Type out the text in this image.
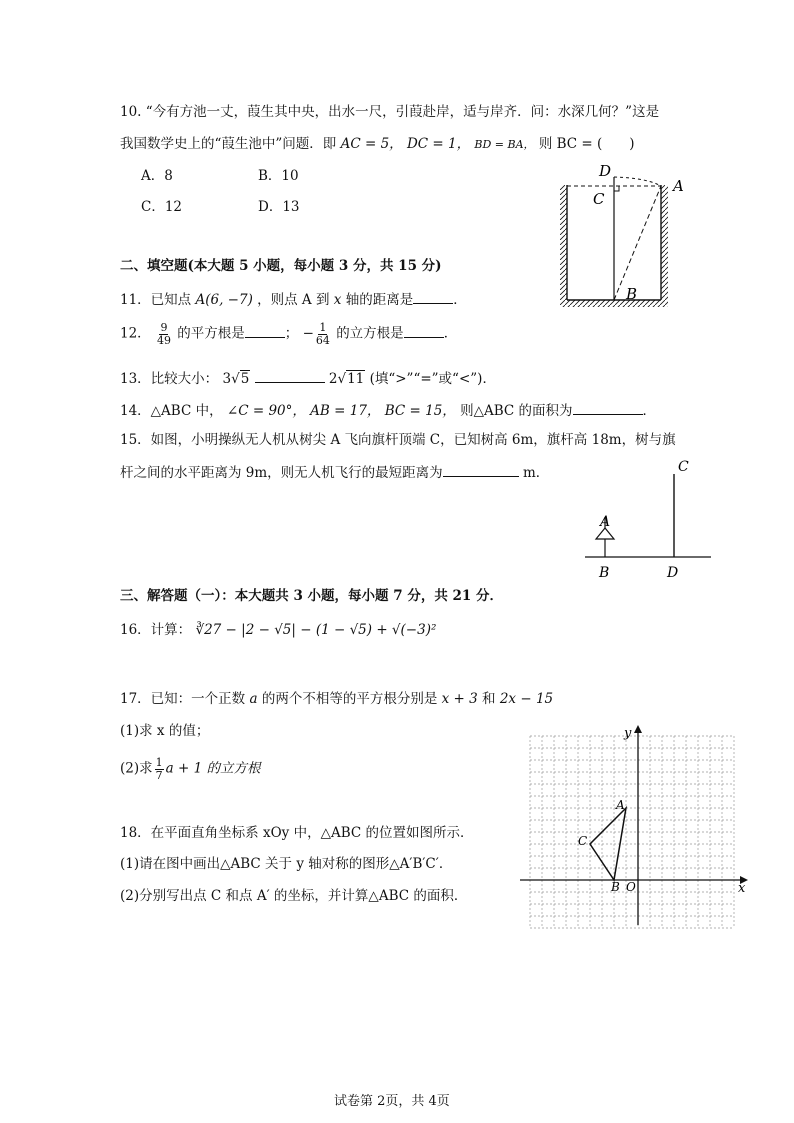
10. “今有方池一丈，葭生其中央，出水一尺，引葭赴岸，适与岸齐．问：水深几何？”这是
我国数学史上的“葭生池中”问题．即 AC = 5， DC = 1， BD = BA， 则 BC = (　　)
A．8	B．10
C．12	D．13
D
C
A
B
二、填空题(本大题 5 小题，每小题 3 分，共 15 分)
11．已知点 A(6, −7) ，则点 A 到 x 轴的距离是	．
12． $\frac{9}{49}$ 的平方根是	； − $\frac{1}{64}$ 的立方根是	．
13．比较大小： 3√5	2√11 (填“>”“=”或“<”)．
14．△ABC 中， ∠C = 90°， AB = 17， BC = 15， 则△ABC 的面积为	．
15．如图，小明操纵无人机从树尖 A 飞向旗杆顶端 C，已知树高 6m，旗杆高 18m，树与旗
杆之间的水平距离为 9m，则无人机飞行的最短距离为	m．
A
C
B	D
三、解答题（一）：本大题共 3 小题，每小题 7 分，共 21 分．
16．计算： ∛27 − |2 − √5| − (1 − √5) + √(−3)²
17．已知：一个正数 a 的两个不相等的平方根分别是 x + 3 和 2x − 15
(1)求 x 的值；
(2)求 $\frac{1}{7}$ a + 1 的立方根
18．在平面直角坐标系 xOy 中，△ABC 的位置如图所示．
(1)请在图中画出△ABC 关于 y 轴对称的图形△A′B′C′．
(2)分别写出点 C 和点 A′ 的坐标，并计算△ABC 的面积．	x
y
O
A
B
C
试卷第 2页，共 4页
